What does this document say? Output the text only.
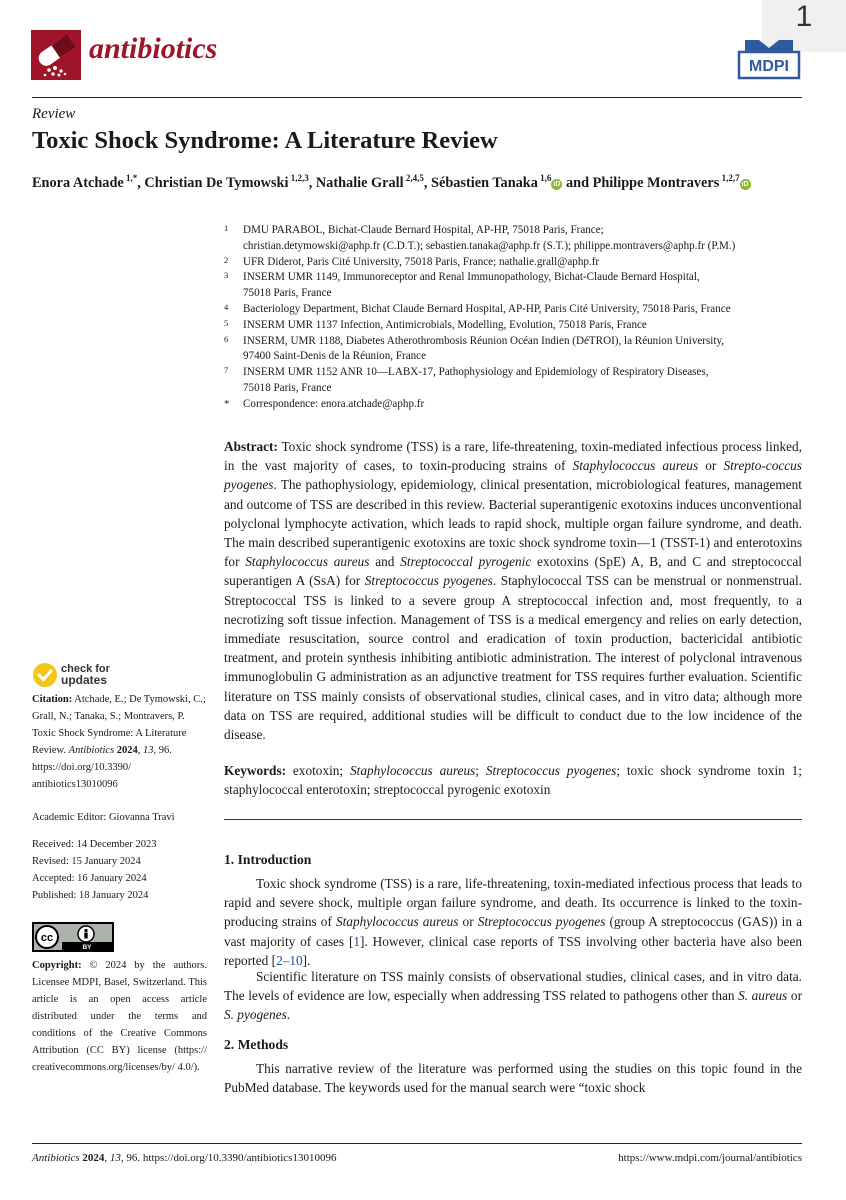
1
antibiotics
MDPI
Review
Toxic Shock Syndrome: A Literature Review
Enora Atchade $^{1,*}$, Christian De Tymowski $^{1,2,3}$, Nathalie Grall $^{2,4,5}$, Sébastien Tanaka $^{1,6}$iD and Philippe Montravers $^{1,2,7}$iD
1 DMU PARABOL, Bichat-Claude Bernard Hospital, AP-HP, 75018 Paris, France;
christian.detymowski@aphp.fr (C.D.T.); sebastien.tanaka@aphp.fr (S.T.); philippe.montravers@aphp.fr (P.M.)
2 UFR Diderot, Paris Cité University, 75018 Paris, France; nathalie.grall@aphp.fr
3 INSERM UMR 1149, Immunoreceptor and Renal Immunopathology, Bichat-Claude Bernard Hospital,
75018 Paris, France
4 Bacteriology Department, Bichat Claude Bernard Hospital, AP-HP, Paris Cité University, 75018 Paris, France
5 INSERM UMR 1137 Infection, Antimicrobials, Modelling, Evolution, 75018 Paris, France
6 INSERM, UMR 1188, Diabetes Atherothrombosis Réunion Océan Indien (DéTROI), la Réunion University,
97400 Saint-Denis de la Réunion, France
7 INSERM UMR 1152 ANR 10—LABX-17, Pathophysiology and Epidemiology of Respiratory Diseases,
75018 Paris, France
* Correspondence: enora.atchade@aphp.fr
Abstract: Toxic shock syndrome (TSS) is a rare, life-threatening, toxin-mediated infectious process linked, in the vast majority of cases, to toxin-producing strains of Staphylococcus aureus or Strepto-coccus pyogenes. The pathophysiology, epidemiology, clinical presentation, microbiological features, management and outcome of TSS are described in this review. Bacterial superantigenic exotoxins induces unconventional polyclonal lymphocyte activation, which leads to rapid shock, multiple organ failure syndrome, and death. The main described superantigenic exotoxins are toxic shock syndrome toxin—1 (TSST-1) and enterotoxins for Staphylococcus aureus and Streptococcal pyrogenic exotoxins (SpE) A, B, and C and streptococcal superantigen A (SsA) for Streptococcus pyogenes. Staphylococcal TSS can be menstrual or nonmenstrual. Streptococcal TSS is linked to a severe group A streptococcal infection and, most frequently, to a necrotizing soft tissue infection. Management of TSS is a medical emergency and relies on early detection, immediate resuscitation, source control and eradication of toxin production, bactericidal antibiotic treatment, and protein synthesis inhibiting antibiotic administration. The interest of polyclonal intravenous immunoglobulin G administration as an adjunctive treatment for TSS requires further evaluation. Scientific literature on TSS mainly consists of observational studies, clinical cases, and in vitro data; although more data on TSS are required, additional studies will be difficult to conduct due to the low incidence of the disease.
Keywords: exotoxin; Staphylococcus aureus; Streptococcus pyogenes; toxic shock syndrome toxin 1; staphylococcal enterotoxin; streptococcal pyrogenic exotoxin
1. Introduction
Toxic shock syndrome (TSS) is a rare, life-threatening, toxin-mediated infectious process that leads to rapid and severe shock, multiple organ failure syndrome, and death. Its occurrence is linked to the toxin-producing strains of Staphylococcus aureus or Streptococcus pyogenes (group A streptococcus (GAS)) in a vast majority of cases [1]. However, clinical case reports of TSS involving other bacteria have also been reported [2–10].
Scientific literature on TSS mainly consists of observational studies, clinical cases, and in vitro data. The levels of evidence are low, especially when addressing TSS related to pathogens other than S. aureus or S. pyogenes.
2. Methods
This narrative review of the literature was performed using the studies on this topic found in the PubMed database. The keywords used for the manual search were “toxic shock
check for
updates
Citation: Atchade, E.; De Tymowski, C.; Grall, N.; Tanaka, S.; Montravers, P. Toxic Shock Syndrome: A Literature Review. Antibiotics 2024, 13, 96. https://doi.org/10.3390/ antibiotics13010096
Academic Editor: Giovanna Travi
Received: 14 December 2023
Revised: 15 January 2024
Accepted: 16 January 2024
Published: 18 January 2024
cc
BY
Copyright: © 2024 by the authors. Licensee MDPI, Basel, Switzerland. This article is an open access article distributed under the terms and conditions of the Creative Commons Attribution (CC BY) license (https:// creativecommons.org/licenses/by/ 4.0/).
Antibiotics 2024, 13, 96. https://doi.org/10.3390/antibiotics13010096	https://www.mdpi.com/journal/antibiotics
